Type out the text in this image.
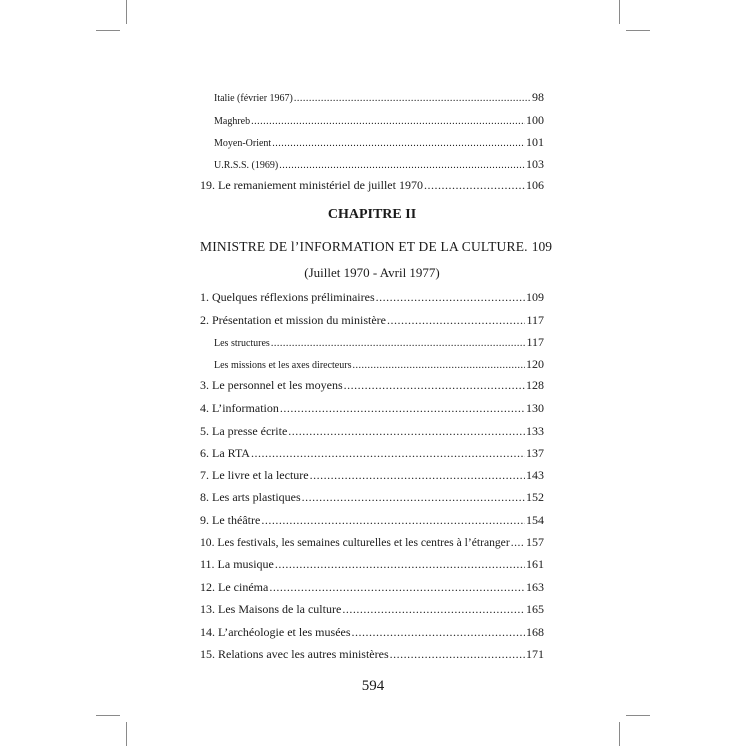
Italie (février 1967) .....	98
Maghreb .....	100
Moyen-Orient .....	101
U.R.S.S. (1969) .....	103
19. Le remaniement ministériel de juillet 1970 .....	106
CHAPITRE II
MINISTRE DE l’INFORMATION ET DE LA CULTURE. 109
(Juillet 1970 - Avril 1977)
1. Quelques réflexions préliminaires .....	109
2. Présentation et mission du ministère .....	117
Les structures .....	117
Les missions et les axes directeurs .....	120
3. Le personnel et les moyens .....	128
4. L’information .....	130
5. La presse écrite .....	133
6. La RTA .....	137
7. Le livre et la lecture .....	143
8. Les arts plastiques .....	152
9. Le théâtre .....	154
10. Les festivals, les semaines culturelles et les centres à l’étranger ..... 157
11. La musique .....	161
12. Le cinéma .....	163
13. Les Maisons de la culture .....	165
14. L’archéologie et les musées .....	168
15. Relations avec les autres ministères .....	171
594
